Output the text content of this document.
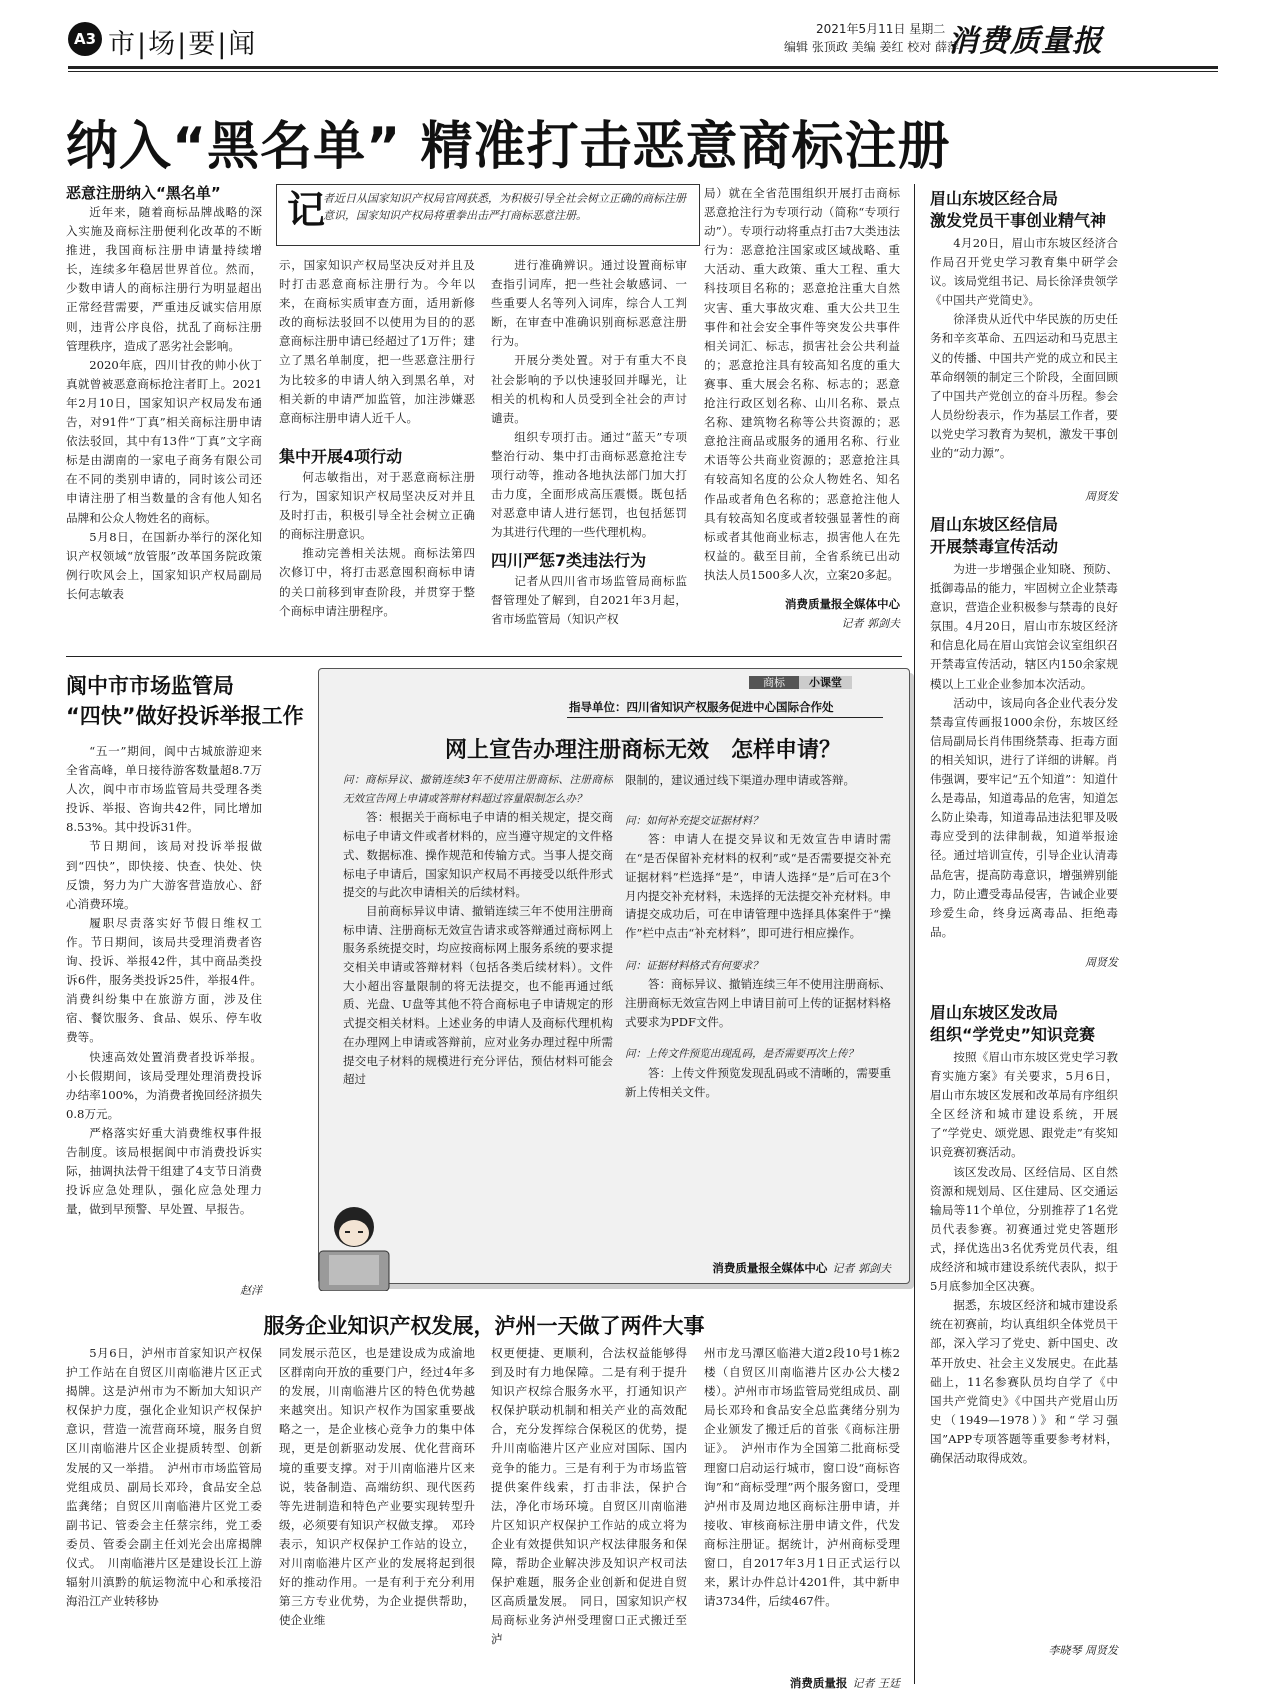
A3 市|场|要|闻	2021年5月11日 星期二
编辑 张顶政 美编 姜红 校对 薛萍
消费质量报
纳入“黑名单” 精准打击恶意商标注册
恶意注册纳入“黑名单” 记
者近日从国家知识产权局官网获悉，为积极引导全社会树立正确的商标注册意识，国家知识产权局将重拳出击严打商标恶意注册。

近年来，随着商标品牌战略的深入实施及商标注册便利化改革的不断推进，我国商标注册申请量持续增长，连续多年稳居世界首位。然而，少数申请人的商标注册行为明显超出正常经营需要，严重违反诚实信用原则，违背公序良俗，扰乱了商标注册管理秩序，造成了恶劣社会影响。

2020年底，四川甘孜的帅小伙丁真就曾被恶意商标抢注者盯上。2021年2月10日，国家知识产权局发布通告，对91件“丁真”相关商标注册申请依法驳回，其中有13件“丁真”文字商标是由湖南的一家电子商务有限公司在不同的类别申请的，同时该公司还申请注册了相当数量的含有他人知名品牌和公众人物姓名的商标。

5月8日，在国新办举行的深化知识产权领域“放管服”改革国务院政策例行吹风会上，国家知识产权局副局长何志敏表

示，国家知识产权局坚决反对并且及时打击恶意商标注册行为。今年以来，在商标实质审查方面，适用新修改的商标法驳回不以使用为目的的恶意商标注册申请已经超过了1万件；建立了黑名单制度，把一些恶意注册行为比较多的申请人纳入到黑名单，对相关新的申请严加监管，加注涉嫌恶意商标注册申请人近千人。

集中开展4项行动

何志敏指出，对于恶意商标注册行为，国家知识产权局坚决反对并且及时打击，积极引导全社会树立正确的商标注册意识。

推动完善相关法规。商标法第四次修订中，将打击恶意囤积商标申请的关口前移到审查阶段，并贯穿于整个商标申请注册程序。

进行准确辨识。通过设置商标审查指引词库，把一些社会敏感词、一些重要人名等列入词库，综合人工判断，在审查中准确识别商标恶意注册行为。

开展分类处置。对于有重大不良社会影响的予以快速驳回并曝光，让相关的机构和人员受到全社会的声讨谴责。

组织专项打击。通过“蓝天”专项整治行动、集中打击商标恶意抢注专项行动等，推动各地执法部门加大打击力度，全面形成高压震慑。既包括对恶意申请人进行惩罚，也包括惩罚为其进行代理的一些代理机构。

四川严惩7类违法行为

记者从四川省市场监管局商标监督管理处了解到，自2021年3月起，省市场监管局（知识产权

局）就在全省范围组织开展打击商标恶意抢注行为专项行动（简称“专项行动”）。专项行动将重点打击7大类违法行为：恶意抢注国家或区域战略、重大活动、重大政策、重大工程、重大科技项目名称的；恶意抢注重大自然灾害、重大事故灾难、重大公共卫生事件和社会安全事件等突发公共事件相关词汇、标志，损害社会公共利益的；恶意抢注具有较高知名度的重大赛事、重大展会名称、标志的；恶意抢注行政区划名称、山川名称、景点名称、建筑物名称等公共资源的；恶意抢注商品或服务的通用名称、行业术语等公共商业资源的；恶意抢注具有较高知名度的公众人物姓名、知名作品或者角色名称的；恶意抢注他人具有较高知名度或者较强显著性的商标或者其他商业标志，损害他人在先权益的。截至目前，全省系统已出动执法人员1500多人次，立案20多起。

消费质量报全媒体中心
记者 郭剑夫
阆中市市场监管局
“四快”做好投诉举报工作

“五一”期间，阆中古城旅游迎来全省高峰，单日接待游客数量超8.7万人次，阆中市市场监管局共受理各类投诉、举报、咨询共42件，同比增加8.53%。其中投诉31件。

节日期间，该局对投诉举报做到“四快”，即快接、快查、快处、快反馈，努力为广大游客营造放心、舒心消费环境。

履职尽责落实好节假日维权工作。节日期间，该局共受理消费者咨询、投诉、举报42件，其中商品类投诉6件，服务类投诉25件，举报4件。消费纠纷集中在旅游方面，涉及住宿、餐饮服务、食品、娱乐、停车收费等。

快速高效处置消费者投诉举报。小长假期间，该局受理处理消费投诉办结率100%，为消费者挽回经济损失0.8万元。

严格落实好重大消费维权事件报告制度。该局根据阆中市消费投诉实际，抽调执法骨干组建了4支节日消费投诉应急处理队，强化应急处理力量，做到早预警、早处置、早报告。

赵洋
商标 小课堂
指导单位：四川省知识产权服务促进中心国际合作处
网上宣告办理注册商标无效　怎样申请？
问：商标异议、撤销连续3年不使用注册商标、注册商标无效宣告网上申请或答辩材料超过容量限制怎么办？
答：根据关于商标电子申请的相关规定，提交商标电子申请文件或者材料的，应当遵守规定的文件格式、数据标准、操作规范和传输方式。当事人提交商标电子申请后，国家知识产权局不再接受以纸件形式提交的与此次申请相关的后续材料。
目前商标异议申请、撤销连续三年不使用注册商标申请、注册商标无效宣告请求或答辩通过商标网上服务系统提交时，均应按商标网上服务系统的要求提交相关申请或答辩材料（包括各类后续材料）。文件大小超出容量限制的将无法提交，也不能再通过纸质、光盘、U盘等其他不符合商标电子申请规定的形式提交相关材料。上述业务的申请人及商标代理机构在办理网上申请或答辩前，应对业务办理过程中所需提交电子材料的规模进行充分评估，预估材料可能会超过
限制的，建议通过线下渠道办理申请或答辩。
问：如何补充提交证据材料？
答：申请人在提交异议和无效宣告申请时需在“是否保留补充材料的权利”或“是否需要提交补充证据材料”栏选择“是”，申请人选择“是”后可在3个月内提交补充材料，未选择的无法提交补充材料。申请提交成功后，可在申请管理中选择具体案件于“操作”栏中点击“补充材料”，即可进行相应操作。
问：证据材料格式有何要求？
答：商标异议、撤销连续三年不使用注册商标、注册商标无效宣告网上申请目前可上传的证据材料格式要求为PDF文件。
问：上传文件预览出现乱码，是否需要再次上传？
答：上传文件预览发现乱码或不清晰的，需要重新上传相关文件。
消费质量报全媒体中心 记者 郭剑夫
服务企业知识产权发展，泸州一天做了两件大事

5月6日，泸州市首家知识产权保护工作站在自贸区川南临港片区正式揭牌。这是泸州市为不断加大知识产权保护力度，强化企业知识产权保护意识，营造一流营商环境，服务自贸区川南临港片区企业提质转型、创新发展的又一举措。　泸州市市场监管局党组成员、副局长邓玲，食品安全总监龚绪；自贸区川南临港片区党工委副书记、管委会主任蔡宗纬，党工委委员、管委会副主任刘光会出席揭牌仪式。　川南临港片区是建设长江上游辐射川滇黔的航运物流中心和承接沿海沿江产业转移协

同发展示范区，也是建设成为成渝地区群南向开放的重要门户，经过4年多的发展，川南临港片区的特色优势越来越突出。知识产权作为国家重要战略之一，是企业核心竞争力的集中体现，更是创新驱动发展、优化营商环境的重要支撑。对于川南临港片区来说，装备制造、高端纺织、现代医药等先进制造和特色产业要实现转型升级，必须要有知识产权做支撑。　邓玲表示，知识产权保护工作站的设立，对川南临港片区产业的发展将起到很好的推动作用。一是有利于充分利用第三方专业优势，为企业提供帮助，使企业维

权更便捷、更顺利，合法权益能够得到及时有力地保障。二是有利于提升知识产权综合服务水平，打通知识产权保护联动机制和相关产业的高效配合，充分发挥综合保税区的优势，提升川南临港片区产业应对国际、国内竞争的能力。三是有利于为市场监管提供案件线索，打击非法，保护合法，净化市场环境。自贸区川南临港片区知识产权保护工作站的成立将为企业有效提供知识产权法律服务和保障，帮助企业解决涉及知识产权司法保护难题，服务企业创新和促进自贸区高质量发展。　同日，国家知识产权局商标业务泸州受理窗口正式搬迁至泸

州市龙马潭区临港大道2段10号1栋2楼（自贸区川南临港片区办公大楼2楼）。泸州市市场监管局党组成员、副局长邓玲和食品安全总监龚绪分别为企业颁发了搬迁后的首张《商标注册证》。　泸州市作为全国第二批商标受理窗口启动运行城市，窗口设“商标咨询”和“商标受理”两个服务窗口，受理泸州市及周边地区商标注册申请，并接收、审核商标注册申请文件，代发商标注册证。据统计，泸州商标受理窗口，自2017年3月1日正式运行以来，累计办件总计4201件，其中新申请3734件，后续467件。

消费质量报 记者 王廷
眉山东坡区经合局
激发党员干事创业精气神

4月20日，眉山市东坡区经济合作局召开党史学习教育集中研学会议。该局党组书记、局长徐泽贵领学《中国共产党简史》。

徐泽贵从近代中华民族的历史任务和辛亥革命、五四运动和马克思主义的传播、中国共产党的成立和民主革命纲领的制定三个阶段，全面回顾了中国共产党创立的奋斗历程。参会人员纷纷表示，作为基层工作者，要以党史学习教育为契机，激发干事创业的“动力源”。

周贤发
眉山东坡区经信局
开展禁毒宣传活动

为进一步增强企业知晓、预防、抵御毒品的能力，牢固树立企业禁毒意识，营造企业积极参与禁毒的良好氛围。4月20日，眉山市东坡区经济和信息化局在眉山宾馆会议室组织召开禁毒宣传活动，辖区内150余家规模以上工业企业参加本次活动。

活动中，该局向各企业代表分发禁毒宣传画报1000余份，东坡区经信局副局长肖伟围绕禁毒、拒毒方面的相关知识，进行了详细的讲解。肖伟强调，要牢记“五个知道”：知道什么是毒品，知道毒品的危害，知道怎么防止染毒，知道毒品违法犯罪及吸毒应受到的法律制裁，知道举报途径。通过培训宣传，引导企业认清毒品危害，提高防毒意识，增强辨别能力，防止遭受毒品侵害，告诫企业要珍爱生命，终身远离毒品、拒绝毒品。

周贤发
眉山东坡区发改局
组织“学党史”知识竞赛

按照《眉山市东坡区党史学习教育实施方案》有关要求，5月6日，眉山市东坡区发展和改革局有序组织全区经济和城市建设系统，开展了“学党史、颂党恩、跟党走”有奖知识竞赛初赛活动。

该区发改局、区经信局、区自然资源和规划局、区住建局、区交通运输局等11个单位，分别推荐了1名党员代表参赛。初赛通过党史答题形式，择优选出3名优秀党员代表，组成经济和城市建设系统代表队，拟于5月底参加全区决赛。

据悉，东坡区经济和城市建设系统在初赛前，均认真组织全体党员干部，深入学习了党史、新中国史、改革开放史、社会主义发展史。在此基础上，11名参赛队员均自学了《中国共产党简史》《中国共产党眉山历史（1949—1978）》和“学习强国”APP专项答题等重要参考材料，确保活动取得成效。

李晓琴 周贤发
